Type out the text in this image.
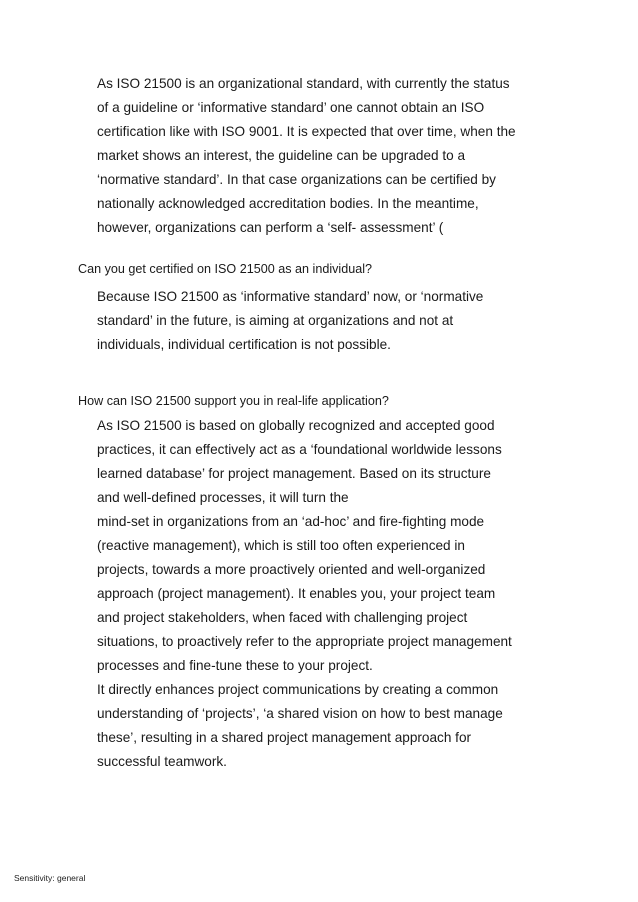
As ISO 21500 is an organizational standard, with currently the status
of a guideline or ‘informative standard’ one cannot obtain an ISO
certification like with ISO 9001. It is expected that over time, when the
market shows an interest, the guideline can be upgraded to a
‘normative standard’. In that case organizations can be certified by
nationally acknowledged accreditation bodies. In the meantime,
however, organizations can perform a ‘self- assessment’ (
Can you get certified on ISO 21500 as an individual?
Because ISO 21500 as ‘informative standard’ now, or ‘normative
standard’ in the future, is aiming at organizations and not at
individuals, individual certification is not possible.
How can ISO 21500 support you in real-life application?
As ISO 21500 is based on globally recognized and accepted good
practices, it can effectively act as a ‘foundational worldwide lessons
learned database’ for project management. Based on its structure
and well-defined processes, it will turn the
mind-set in organizations from an ‘ad-hoc’ and fire-fighting mode
(reactive management), which is still too often experienced in
projects, towards a more proactively oriented and well-organized
approach (project management). It enables you, your project team
and project stakeholders, when faced with challenging project
situations, to proactively refer to the appropriate project management
processes and fine-tune these to your project.
It directly enhances project communications by creating a common
understanding of ‘projects’, ‘a shared vision on how to best manage
these’, resulting in a shared project management approach for
successful teamwork.
Sensitivity: general
